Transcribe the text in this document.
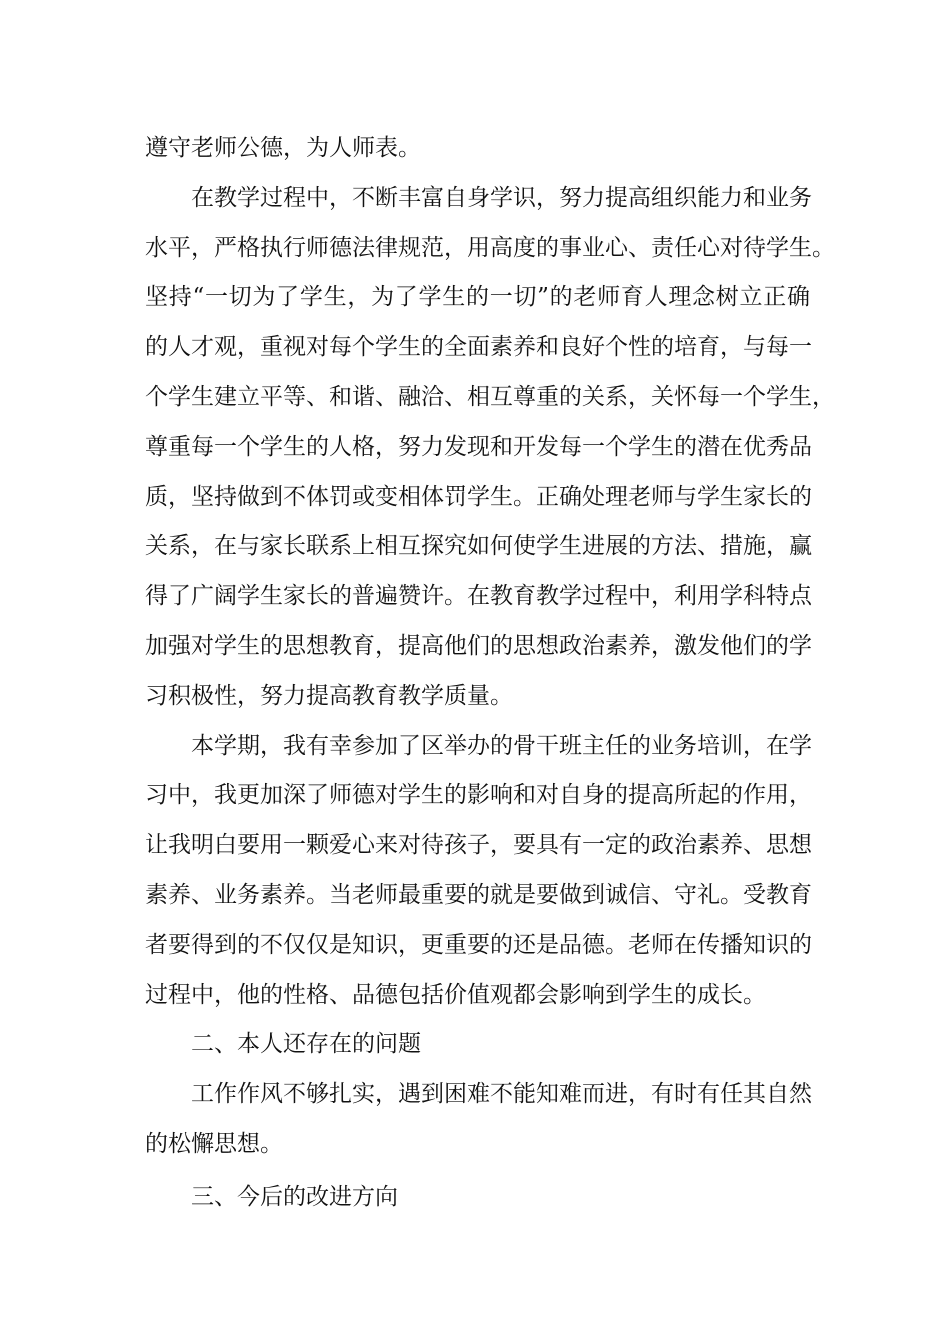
遵守老师公德，为人师表。
在教学过程中，不断丰富自身学识，努力提高组织能力和业务
水平，严格执行师德法律规范，用高度的事业心、责任心对待学生。
坚持“一切为了学生，为了学生的一切”的老师育人理念树立正确
的人才观，重视对每个学生的全面素养和良好个性的培育，与每一
个学生建立平等、和谐、融洽、相互尊重的关系，关怀每一个学生，
尊重每一个学生的人格，努力发现和开发每一个学生的潜在优秀品
质，坚持做到不体罚或变相体罚学生。正确处理老师与学生家长的
关系，在与家长联系上相互探究如何使学生进展的方法、措施，赢
得了广阔学生家长的普遍赞许。在教育教学过程中，利用学科特点
加强对学生的思想教育，提高他们的思想政治素养，激发他们的学
习积极性，努力提高教育教学质量。
本学期，我有幸参加了区举办的骨干班主任的业务培训，在学
习中，我更加深了师德对学生的影响和对自身的提高所起的作用，
让我明白要用一颗爱心来对待孩子，要具有一定的政治素养、思想
素养、业务素养。当老师最重要的就是要做到诚信、守礼。受教育
者要得到的不仅仅是知识，更重要的还是品德。老师在传播知识的
过程中，他的性格、品德包括价值观都会影响到学生的成长。
二、本人还存在的问题
工作作风不够扎实，遇到困难不能知难而进，有时有任其自然
的松懈思想。
三、今后的改进方向
